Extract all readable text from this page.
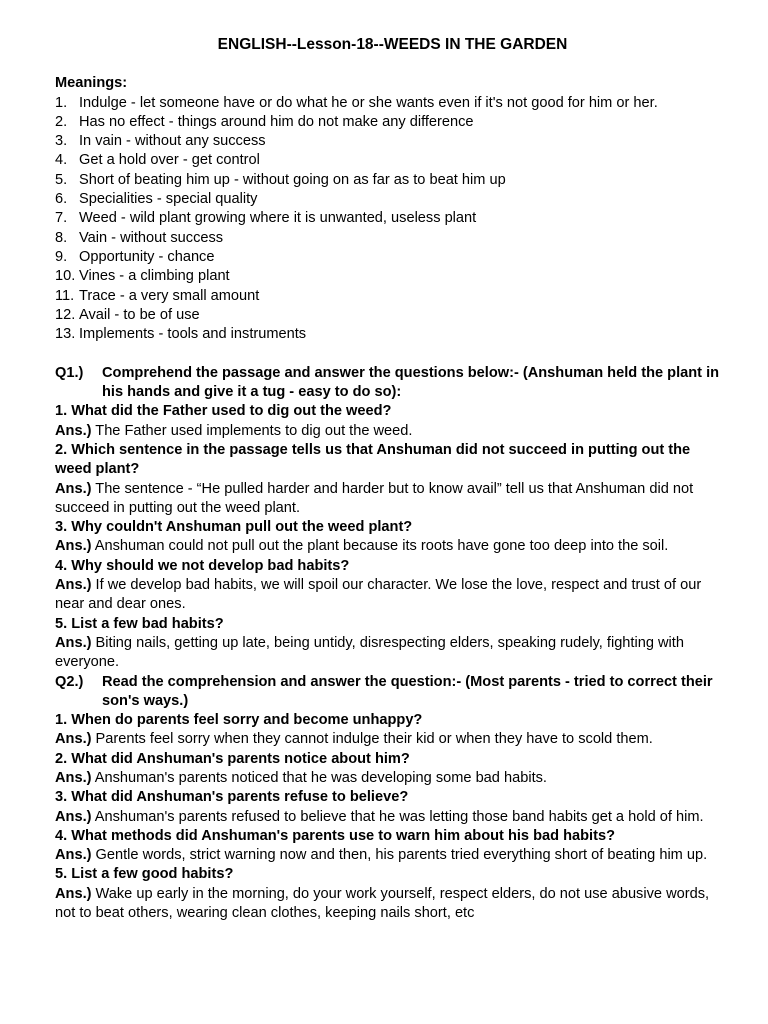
ENGLISH--Lesson-18--WEEDS IN THE GARDEN
Meanings:
1. Indulge - let someone have or do what he or she wants even if it's not good for him or her.
2. Has no effect - things around him do not make any difference
3. In vain - without any success
4. Get a hold over - get control
5. Short of beating him up - without going on as far as to beat him up
6. Specialities - special quality
7. Weed - wild plant growing where it is unwanted, useless plant
8. Vain - without success
9. Opportunity - chance
10. Vines - a climbing plant
11. Trace - a very small amount
12. Avail - to be of use
13. Implements - tools and instruments
Q1.)	Comprehend the passage and answer the questions below:- (Anshuman held the plant in his hands and give it a tug - easy to do so):
1. What did the Father used to dig out the weed?
Ans.) The Father used implements to dig out the weed.
2. Which sentence in the passage tells us that Anshuman did not succeed in putting out the weed plant?
Ans.) The sentence - “He pulled harder and harder but to know avail” tell us that Anshuman did not succeed in putting out the weed plant.
3. Why couldn't Anshuman pull out the weed plant?
Ans.) Anshuman could not pull out the plant because its roots have gone too deep into the soil.
4. Why should we not develop bad habits?
Ans.) If we develop bad habits, we will spoil our character. We lose the love, respect and trust of our near and dear ones.
5. List a few bad habits?
Ans.) Biting nails, getting up late, being untidy, disrespecting elders, speaking rudely, fighting with everyone.
Q2.)	Read the comprehension and answer the question:- (Most parents - tried to correct their son's ways.)
1. When do parents feel sorry and become unhappy?
Ans.) Parents feel sorry when they cannot indulge their kid or when they have to scold them.
2. What did Anshuman's parents notice about him?
Ans.) Anshuman's parents noticed that he was developing some bad habits.
3. What did Anshuman's parents refuse to believe?
Ans.) Anshuman's parents refused to believe that he was letting those band habits get a hold of him.
4. What methods did Anshuman's parents use to warn him about his bad habits?
Ans.) Gentle words, strict warning now and then, his parents tried everything short of beating him up.
5. List a few good habits?
Ans.) Wake up early in the morning, do your work yourself, respect elders, do not use abusive words, not to beat others, wearing clean clothes, keeping nails short, etc
